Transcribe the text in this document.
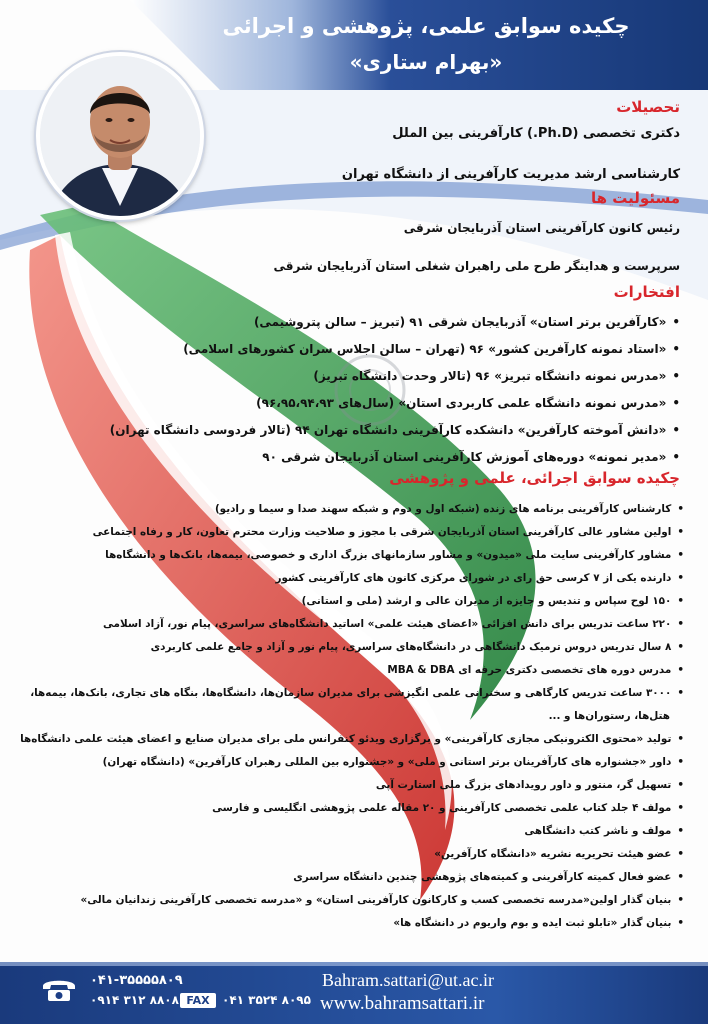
چکیده سوابق علمی، پژوهشی و اجرائی
«بهرام ستاری»
تحصیلات
دکتری تخصصی (Ph.D.) کارآفرینی بین الملل
کارشناسی ارشد مدیریت کارآفرینی از دانشگاه تهران
مسئولیت ها
رئیس کانون کارآفرینی استان آذربایجان شرقی
سرپرست و هداینگر طرح ملی راهبران شغلی استان آذربایجان شرقی
افتخارات
• «کارآفرین برتر استان» آذربایجان شرقی ۹۱ (تبریز – سالن پتروشیمی)
• «استاد نمونه کارآفرین کشور» ۹۶ (تهران – سالن اجلاس سران کشورهای اسلامی)
• «مدرس نمونه دانشگاه تبریز» ۹۶ (تالار وحدت دانشگاه تبریز)
• «مدرس نمونه دانشگاه علمی کاربردی استان» (سال‌های ۹۶،۹۵،۹۴،۹۳)
• «دانش آموخته کارآفرین» دانشکده کارآفرینی دانشگاه تهران ۹۴ (تالار فردوسی دانشگاه تهران)
• «مدیر نمونه» دوره‌های آموزش کارآفرینی استان آذربایجان شرقی ۹۰
چکیده سوابق اجرائی، علمی و پژوهشی
• کارشناس کارآفرینی برنامه های زنده (شبکه اول و دوم و شبکه سهند صدا و سیما و رادیو)
• اولین مشاور عالی کارآفرینی استان آذربایجان شرقی با مجوز و صلاحیت وزارت محترم تعاون، کار و رفاه اجتماعی
• مشاور کارآفرینی سایت ملی «میدون» و مشاور سازمانهای بزرگ اداری و خصوصی، بیمه‌ها، بانک‌ها و دانشگاه‌ها
• دارنده یکی از ۷ کرسی حق رای در شورای مرکزی کانون های کارآفرینی کشور
• ۱۵۰ لوح سپاس و تندیس و جایزه از مدیران عالی و ارشد (ملی و استانی)
• ۲۲۰ ساعت تدریس برای دانش افزائی «اعضای هیئت علمی» اساتید دانشگاه‌های سراسری، پیام نور، آزاد اسلامی
• ۸ سال تدریس دروس ترمیک دانشگاهی در دانشگاه‌های سراسری، پیام نور و آزاد و جامع علمی کاربردی
• مدرس دوره های تخصصی دکتری حرفه ای MBA & DBA
• ۳۰۰۰ ساعت تدریس کارگاهی و سخنرانی علمی انگیزشی برای مدیران سازمان‌ها، دانشگاه‌ها، بنگاه های تجاری، بانک‌ها، بیمه‌ها،
هتل‌ها، رستوران‌ها و ...
• تولید «محتوی الکترونیکی مجازی کارآفرینی» و برگزاری ویدئو کنفرانس ملی برای مدیران صنایع و اعضای هیئت علمی دانشگاه‌ها
• داور «جشنواره های کارآفرینان برتر استانی و ملی» و «جشنواره بین المللی رهبران کارآفرین» (دانشگاه تهران)
• تسهیل گر، منتور و داور رویدادهای بزرگ ملی استارت آپی
• مولف ۴ جلد کتاب علمی تخصصی کارآفرینی و ۲۰ مقاله علمی پژوهشی انگلیسی و فارسی
• مولف و ناشر کتب دانشگاهی
• عضو هیئت تحریریه نشریه «دانشگاه کارآفرین»
• عضو فعال کمیته کارآفرینی و کمیته‌های پژوهشی چندین دانشگاه سراسری
• بنیان گذار اولین«مدرسه تخصصی کسب و کارکانون کارآفرینی استان» و «مدرسه تخصصی کارآفرینی زندانیان مالی»
• بنیان گذار «تابلو ثبت ایده و بوم واریوم در دانشگاه ها»
۰۴۱-۳۵۵۵۵۸۰۹
۰۹۱۴ ۳۱۲ ۸۸۰۸ FAX	۰۴۱ ۳۵۲۴ ۸۰۹۵
Bahram.sattari@ut.ac.ir
www.bahramsattari.ir
